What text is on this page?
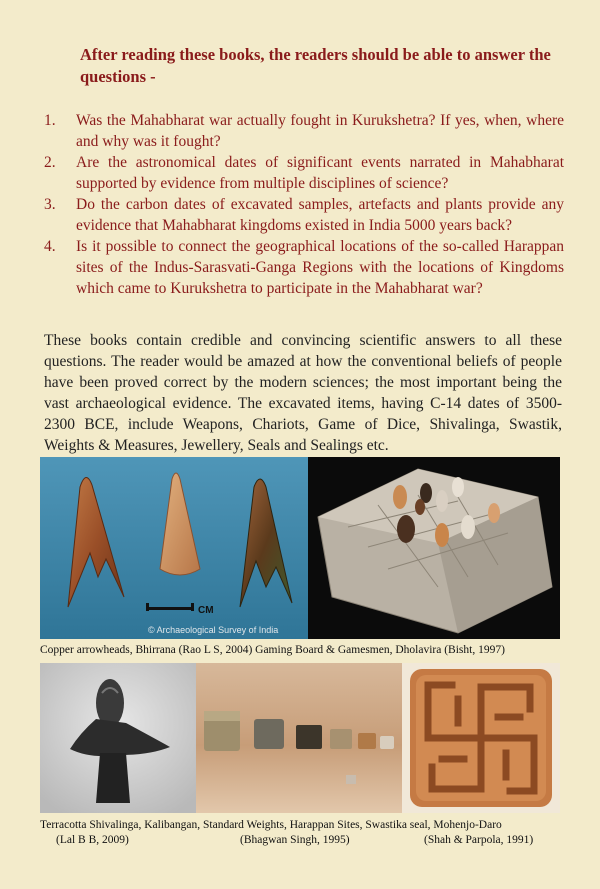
After reading these books, the readers should be able to answer the questions -

1. Was the Mahabharat war actually fought in Kurukshetra? If yes, when, where and why was it fought?
2. Are the astronomical dates of significant events narrated in Mahabharat supported by evidence from multiple disciplines of science?
3. Do the carbon dates of excavated samples, artefacts and plants provide any evidence that Mahabharat kingdoms existed in India 5000 years back?
4. Is it possible to connect the geographical locations of the so-called Harappan sites of the Indus-Sarasvati-Ganga Regions with the locations of Kingdoms which came to Kurukshetra to participate in the Mahabharat war?

These books contain credible and convincing scientific answers to all these questions. The reader would be amazed at how the conventional beliefs of people have been proved correct by the modern sciences; the most important being the vast archaeological evidence. The excavated items, having C-14 dates of 3500-2300 BCE, include Weapons, Chariots, Game of Dice, Shivalinga, Swastik, Weights & Measures, Jewellery, Seals and Sealings etc.

CM
© Archaeological Survey of India

Copper arrowheads, Bhirrana (Rao L S, 2004) Gaming Board & Gamesmen, Dholavira (Bisht, 1997)

Terracotta Shivalinga, Kalibangan, Standard Weights, Harappan Sites, Swastika seal, Mohenjo-Daro

(Lal B B, 2009)	(Bhagwan Singh, 1995)	(Shah & Parpola, 1991)
